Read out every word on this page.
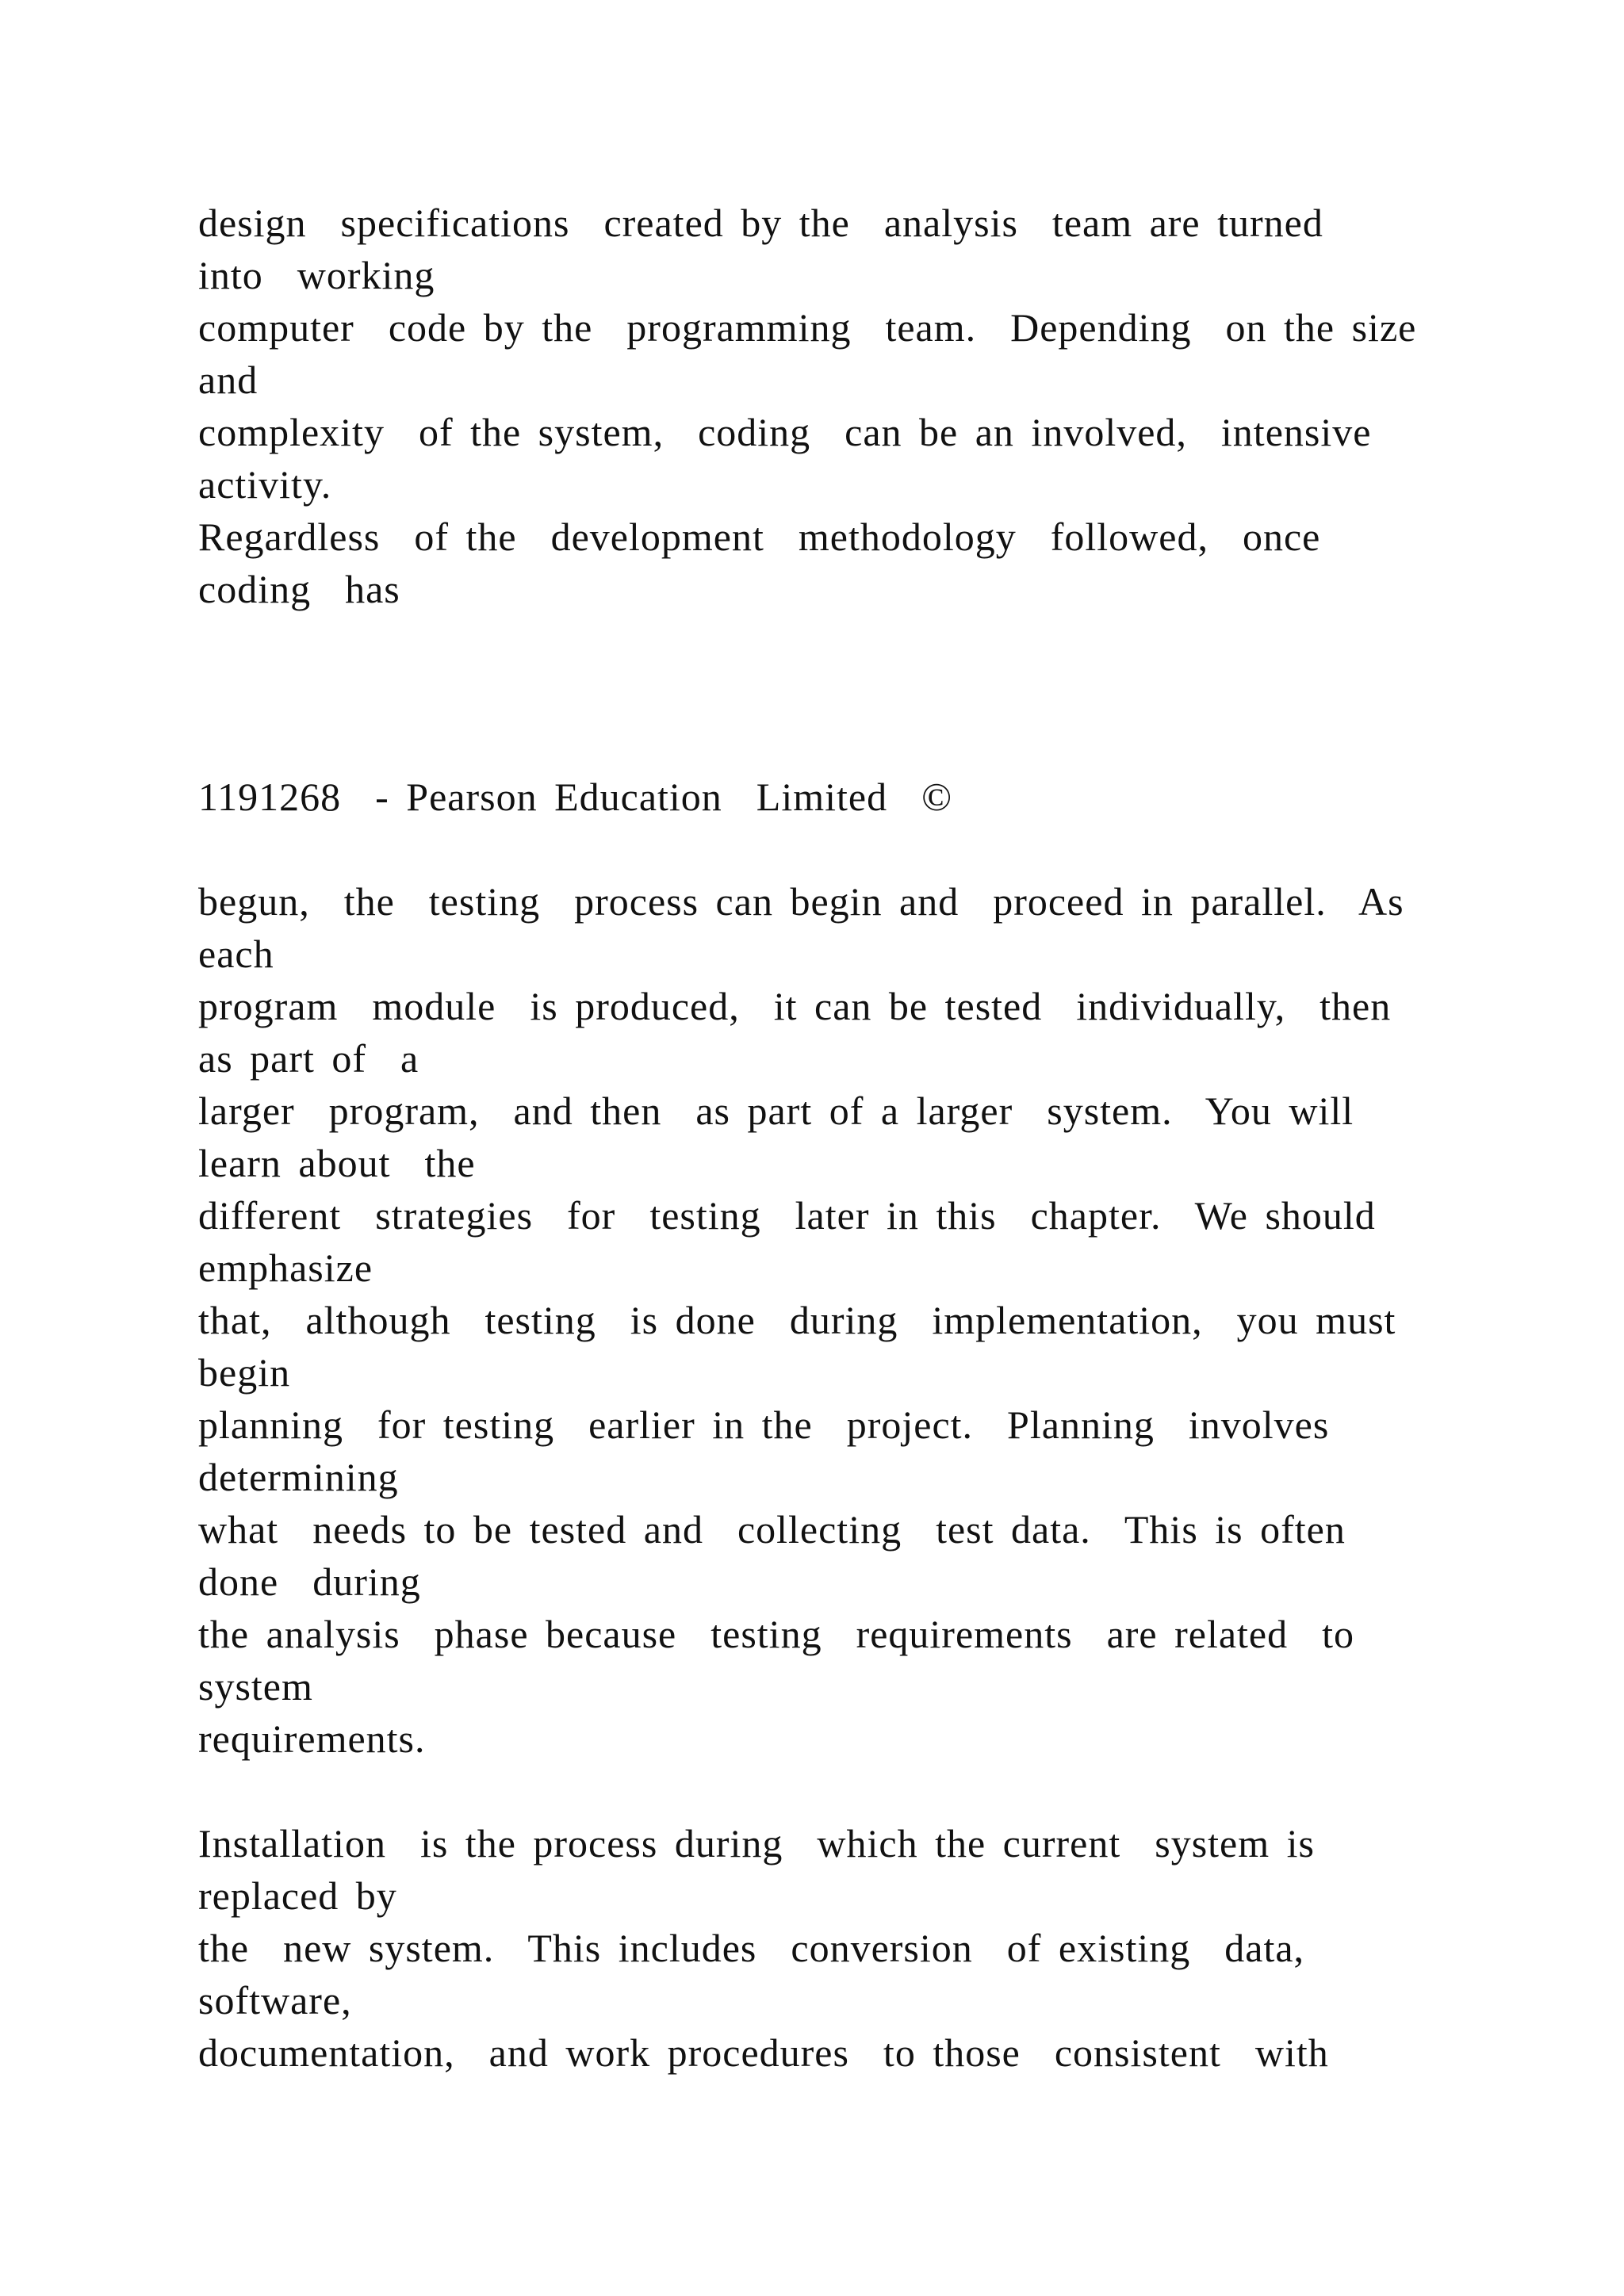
design  specifications  created by the  analysis  team are turned

into  working

computer  code by the  programming  team.  Depending  on the size

and

complexity  of the system,  coding  can be an involved,  intensive

activity.

Regardless  of the  development  methodology  followed,  once

coding  has

1191268  - Pearson Education  Limited  ©

begun,  the  testing  process can begin and  proceed in parallel.  As

each

program  module  is produced,  it can be tested  individually,  then

as part of  a

larger  program,  and then  as part of a larger  system.  You will

learn about  the

different  strategies  for  testing  later in this  chapter.  We should

emphasize

that,  although  testing  is done  during  implementation,  you must

begin

planning  for testing  earlier in the  project.  Planning  involves

determining

what  needs to be tested and  collecting  test data.  This is often

done  during

the analysis  phase because  testing  requirements  are related  to

system

requirements.

Installation  is the process during  which the current  system is

replaced by

the  new system.  This includes  conversion  of existing  data,

software,

documentation,  and work procedures  to those  consistent  with
